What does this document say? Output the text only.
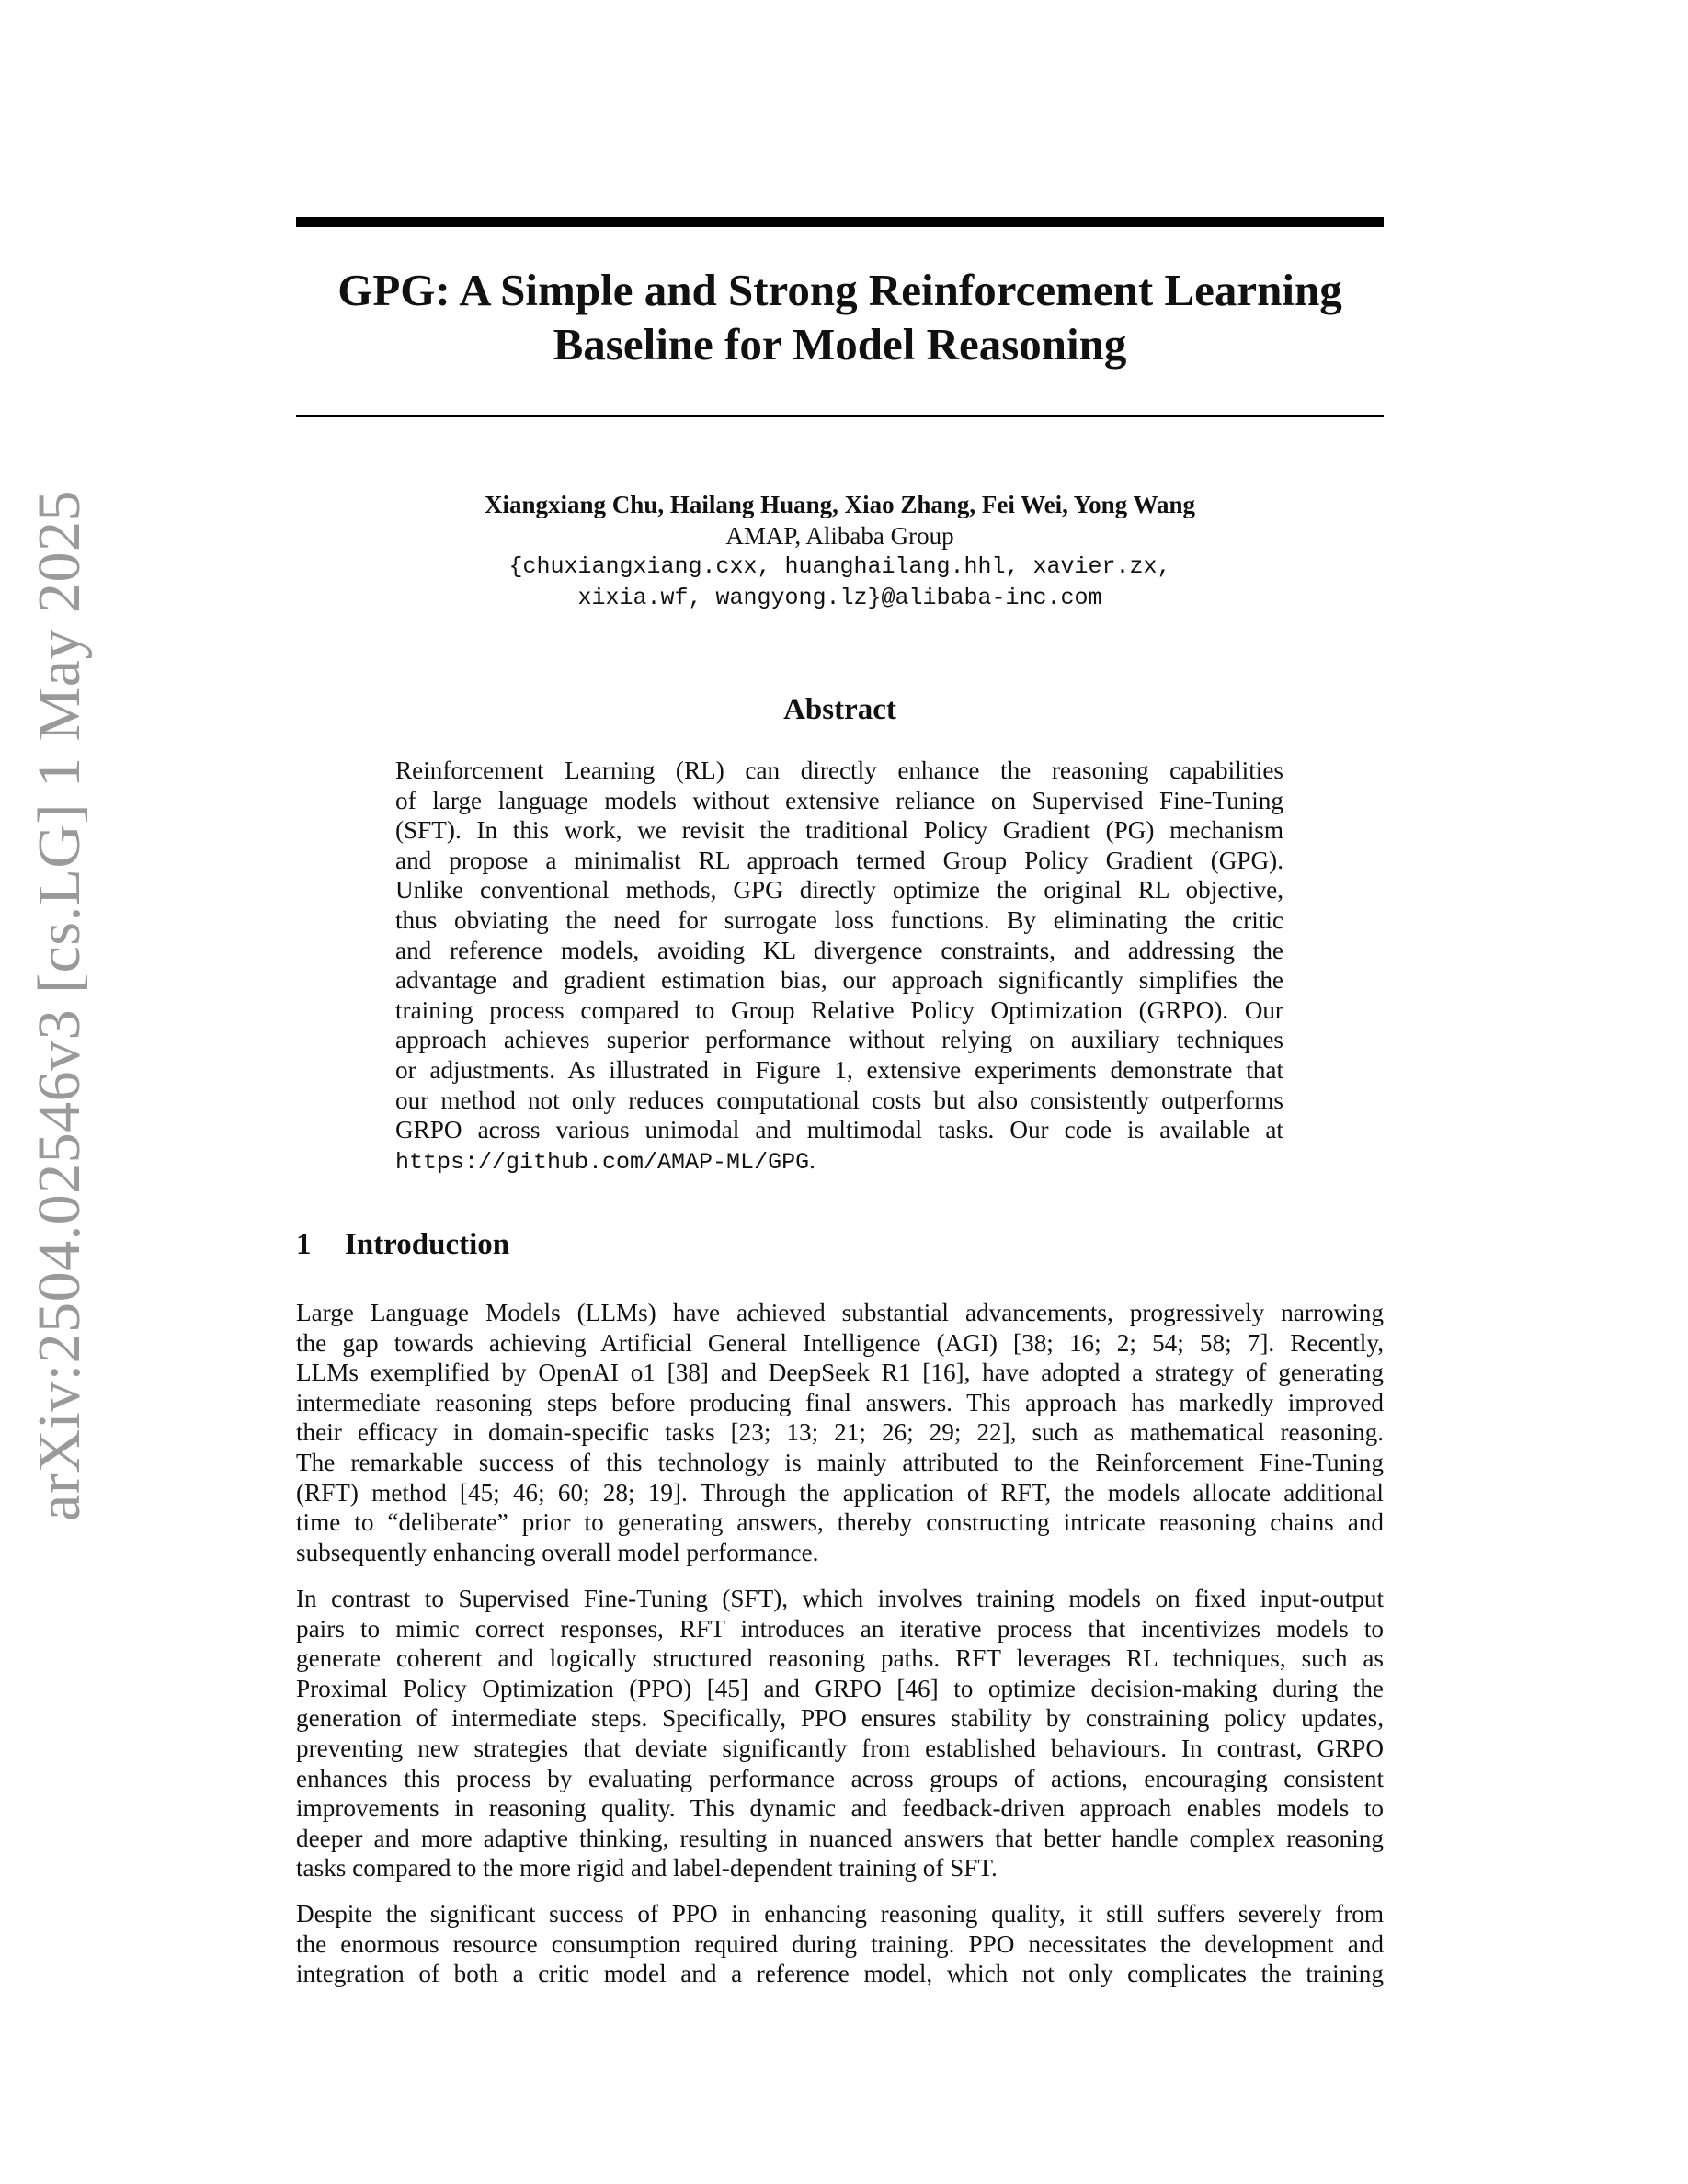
arXiv:2504.02546v3 [cs.LG] 1 May 2025
GPG: A Simple and Strong Reinforcement Learning
Baseline for Model Reasoning
Xiangxiang Chu, Hailang Huang, Xiao Zhang, Fei Wei, Yong Wang
AMAP, Alibaba Group
{chuxiangxiang.cxx, huanghailang.hhl, xavier.zx,
xixia.wf, wangyong.lz}@alibaba-inc.com
Abstract
Reinforcement Learning (RL) can directly enhance the reasoning capabilities
of large language models without extensive reliance on Supervised Fine-Tuning
(SFT). In this work, we revisit the traditional Policy Gradient (PG) mechanism
and propose a minimalist RL approach termed Group Policy Gradient (GPG).
Unlike conventional methods, GPG directly optimize the original RL objective,
thus obviating the need for surrogate loss functions. By eliminating the critic
and reference models, avoiding KL divergence constraints, and addressing the
advantage and gradient estimation bias, our approach significantly simplifies the
training process compared to Group Relative Policy Optimization (GRPO). Our
approach achieves superior performance without relying on auxiliary techniques
or adjustments. As illustrated in Figure 1, extensive experiments demonstrate that
our method not only reduces computational costs but also consistently outperforms
GRPO across various unimodal and multimodal tasks. Our code is available at
https://github.com/AMAP-ML/GPG.
1 Introduction
Large Language Models (LLMs) have achieved substantial advancements, progressively narrowing
the gap towards achieving Artificial General Intelligence (AGI) [38; 16; 2; 54; 58; 7]. Recently,
LLMs exemplified by OpenAI o1 [38] and DeepSeek R1 [16], have adopted a strategy of generating
intermediate reasoning steps before producing final answers. This approach has markedly improved
their efficacy in domain-specific tasks [23; 13; 21; 26; 29; 22], such as mathematical reasoning.
The remarkable success of this technology is mainly attributed to the Reinforcement Fine-Tuning
(RFT) method [45; 46; 60; 28; 19]. Through the application of RFT, the models allocate additional
time to “deliberate” prior to generating answers, thereby constructing intricate reasoning chains and
subsequently enhancing overall model performance.
In contrast to Supervised Fine-Tuning (SFT), which involves training models on fixed input-output
pairs to mimic correct responses, RFT introduces an iterative process that incentivizes models to
generate coherent and logically structured reasoning paths. RFT leverages RL techniques, such as
Proximal Policy Optimization (PPO) [45] and GRPO [46] to optimize decision-making during the
generation of intermediate steps. Specifically, PPO ensures stability by constraining policy updates,
preventing new strategies that deviate significantly from established behaviours. In contrast, GRPO
enhances this process by evaluating performance across groups of actions, encouraging consistent
improvements in reasoning quality. This dynamic and feedback-driven approach enables models to
deeper and more adaptive thinking, resulting in nuanced answers that better handle complex reasoning
tasks compared to the more rigid and label-dependent training of SFT.
Despite the significant success of PPO in enhancing reasoning quality, it still suffers severely from
the enormous resource consumption required during training. PPO necessitates the development and
integration of both a critic model and a reference model, which not only complicates the training
